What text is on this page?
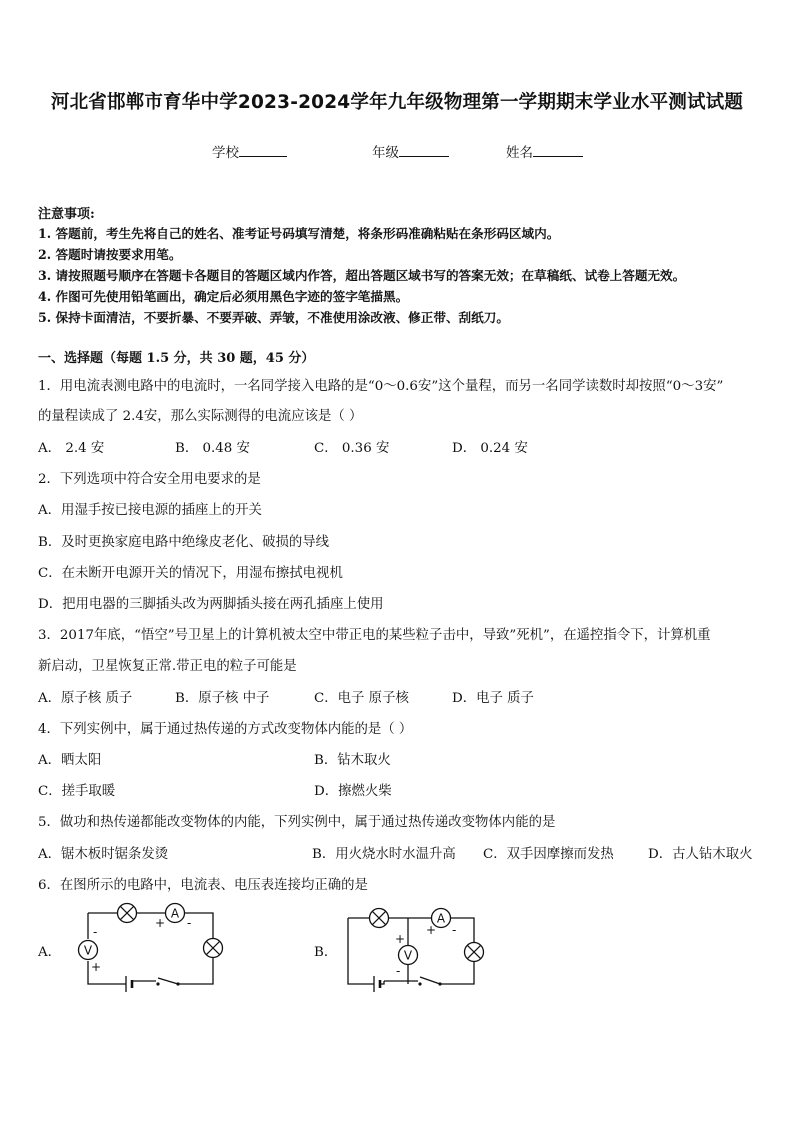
河北省邯郸市育华中学2023-2024学年九年级物理第一学期期末学业水平测试试题
学校	年级	姓名
注意事项:
1. 答题前，考生先将自己的姓名、准考证号码填写清楚，将条形码准确粘贴在条形码区域内。
2. 答题时请按要求用笔。
3. 请按照题号顺序在答题卡各题目的答题区域内作答，超出答题区域书写的答案无效；在草稿纸、试卷上答题无效。
4. 作图可先使用铅笔画出，确定后必须用黑色字迹的签字笔描黑。
5. 保持卡面清洁，不要折暴、不要弄破、弄皱，不准使用涂改液、修正带、刮纸刀。
一、选择题（每题 1.5 分，共 30 题，45 分）
1．用电流表测电路中的电流时，一名同学接入电路的是“0～0.6安”这个量程，而另一名同学读数时却按照“0～3安”
的量程读成了 2.4安，那么实际测得的电流应该是（ ）
A． 2.4 安	B． 0.48 安	C． 0.36 安	D． 0.24 安
2．下列选项中符合安全用电要求的是
A．用湿手按已接电源的插座上的开关
B．及时更换家庭电路中绝缘皮老化、破损的导线
C．在未断开电源开关的情况下，用湿布擦拭电视机
D．把用电器的三脚插头改为两脚插头接在两孔插座上使用
3．2017年底，“悟空”号卫星上的计算机被太空中带正电的某些粒子击中，导致”死机”，在遥控指令下，计算机重
新启动，卫星恢复正常.带正电的粒子可能是
A．原子核 质子	B．原子核 中子	C．电子 原子核	D．电子 质子
4．下列实例中，属于通过热传递的方式改变物体内能的是（ ）
A．晒太阳	B．钻木取火
C．搓手取暖	D．擦燃火柴
5．做功和热传递都能改变物体的内能，下列实例中，属于通过热传递改变物体内能的是
A．锯木板时锯条发烫	B．用火烧水时水温升高 C．双手因摩擦而发热	D．古人钻木取火
6．在图所示的电路中，电流表、电压表连接均正确的是
A．	B．
A
+ -
V
-
+
A
+ -
V
+
-
